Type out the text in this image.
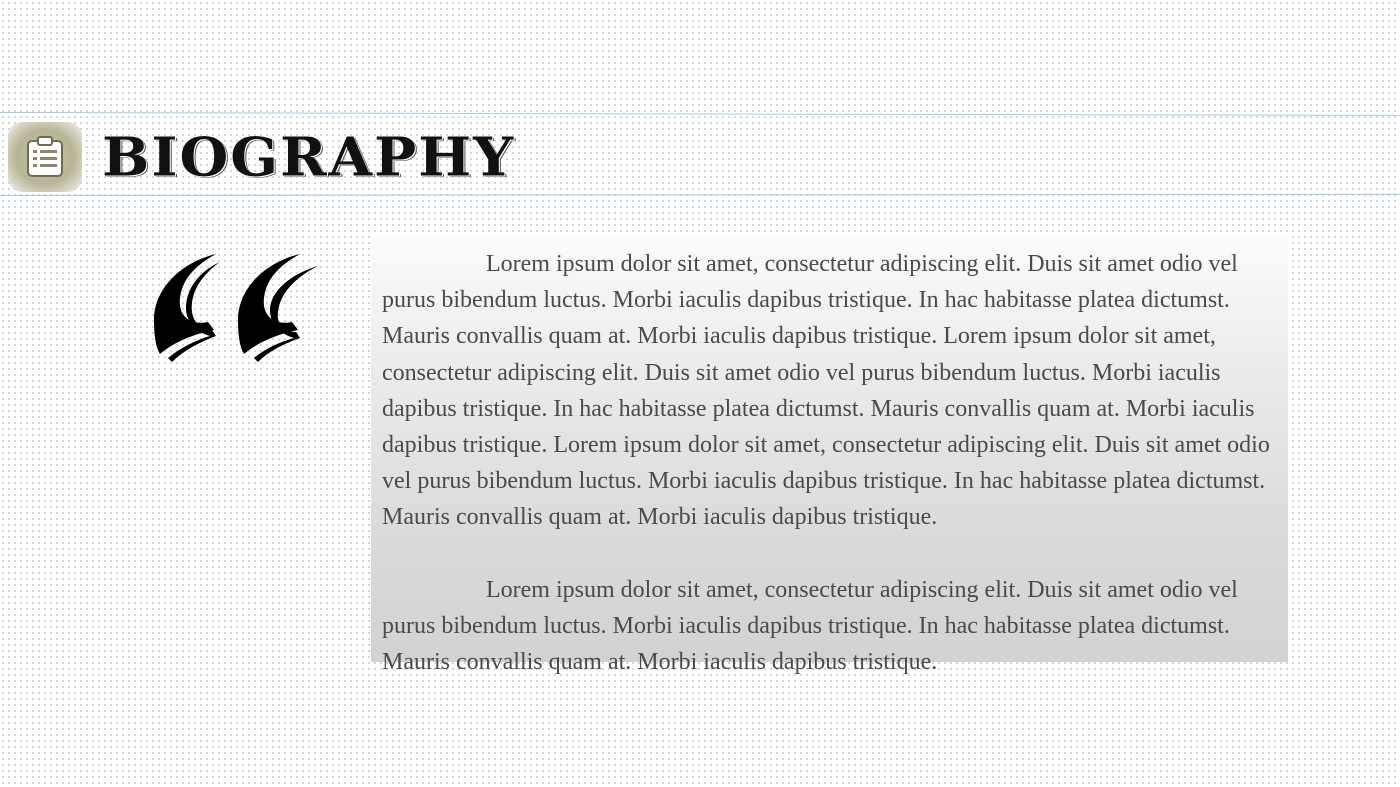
BIOGRAPHY

Lorem ipsum dolor sit amet, consectetur adipiscing elit. Duis sit amet odio vel purus bibendum luctus. Morbi iaculis dapibus tristique. In hac habitasse platea dictumst. Mauris convallis quam at. Morbi iaculis dapibus tristique. Lorem ipsum dolor sit amet, consectetur adipiscing elit. Duis sit amet odio vel purus bibendum luctus. Morbi iaculis dapibus tristique. In hac habitasse platea dictumst. Mauris convallis quam at. Morbi iaculis dapibus tristique. Lorem ipsum dolor sit amet, consectetur adipiscing elit. Duis sit amet odio vel purus bibendum luctus. Morbi iaculis dapibus tristique. In hac habitasse platea dictumst. Mauris convallis quam at. Morbi iaculis dapibus tristique.

Lorem ipsum dolor sit amet, consectetur adipiscing elit. Duis sit amet odio vel purus bibendum luctus. Morbi iaculis dapibus tristique. In hac habitasse platea dictumst. Mauris convallis quam at. Morbi iaculis dapibus tristique.
